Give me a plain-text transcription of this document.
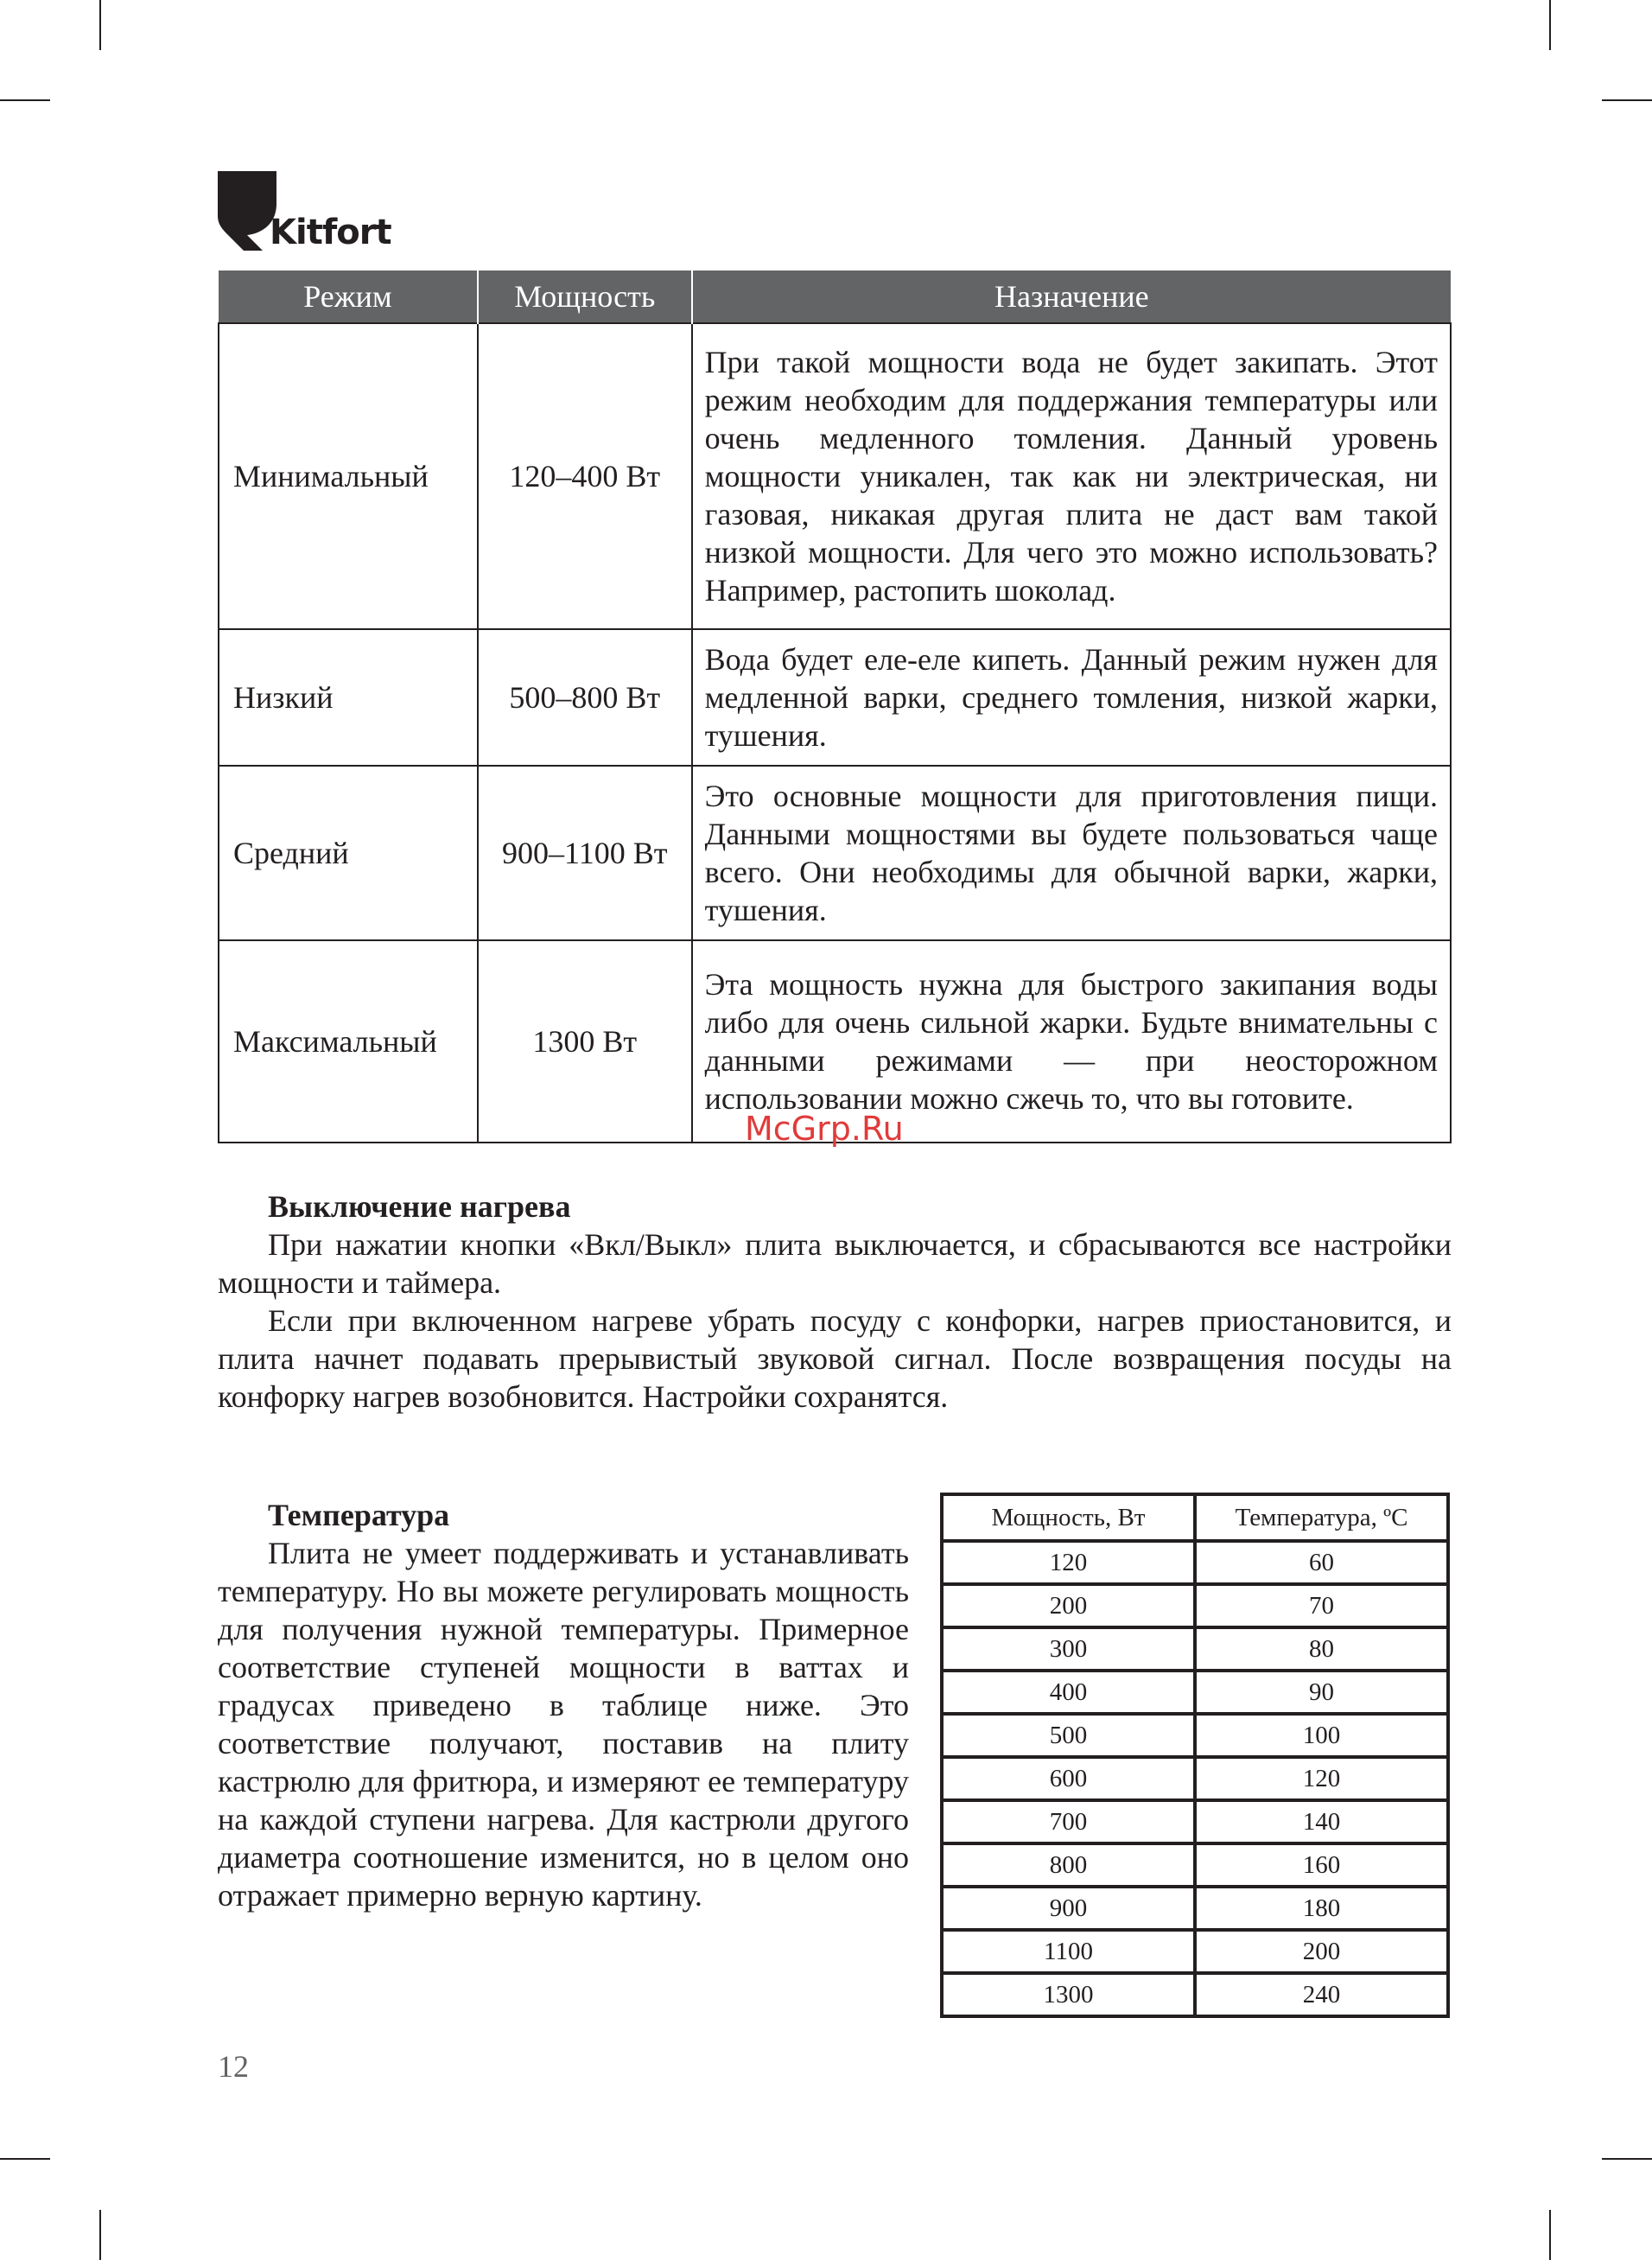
Kitfort
Режим	Мощность	Назначение
Минимальный	120–400 Вт	При такой мощности вода не будет закипать. Этот режим необходим для поддержания температуры или очень медленного томления. Данный уровень мощности уникален, так как ни электрическая, ни газовая, никакая другая плита не даст вам такой низкой мощности. Для чего это можно использовать? Например, растопить шоколад.
Низкий	500–800 Вт	Вода будет еле-еле кипеть. Данный режим нужен для медленной варки, среднего томления, низкой жарки, тушения.
Средний	900–1100 Вт	Это основные мощности для приготовления пищи. Данными мощностями вы будете пользоваться чаще всего. Они необходимы для обычной варки, жарки, тушения.
Максимальный	1300 Вт	Эта мощность нужна для быстрого закипания воды либо для очень сильной жарки. Будьте внимательны с данными режимами — при неосторожном использовании можно сжечь то, что вы готовите.
McGrp.Ru
Выключение нагрева

При нажатии кнопки «Вкл/Выкл» плита выключается, и сбрасываются все настройки мощности и таймера.

Если при включенном нагреве убрать посуду с конфорки, нагрев приостановится, и плита начнет подавать прерывистый звуковой сигнал. После возвращения посуды на конфорку нагрев возобновится. Настройки сохранятся.

Температура

Плита не умеет поддерживать и устанавливать температуру. Но вы можете регулировать мощность для получения нужной температуры. Примерное соответствие ступеней мощности в ваттах и градусах приведено в таблице ниже. Это соответствие получают, поставив на плиту кастрюлю для фритюра, и измеряют ее температуру на каждой ступени нагрева. Для кастрюли другого диаметра соотношение изменится, но в целом оно отражает примерно верную картину.

Мощность, Вт	Температура, ºС
120	60
200	70
300	80
400	90
500	100
600	120
700	140
800	160
900	180
1100	200
1300	240
12
